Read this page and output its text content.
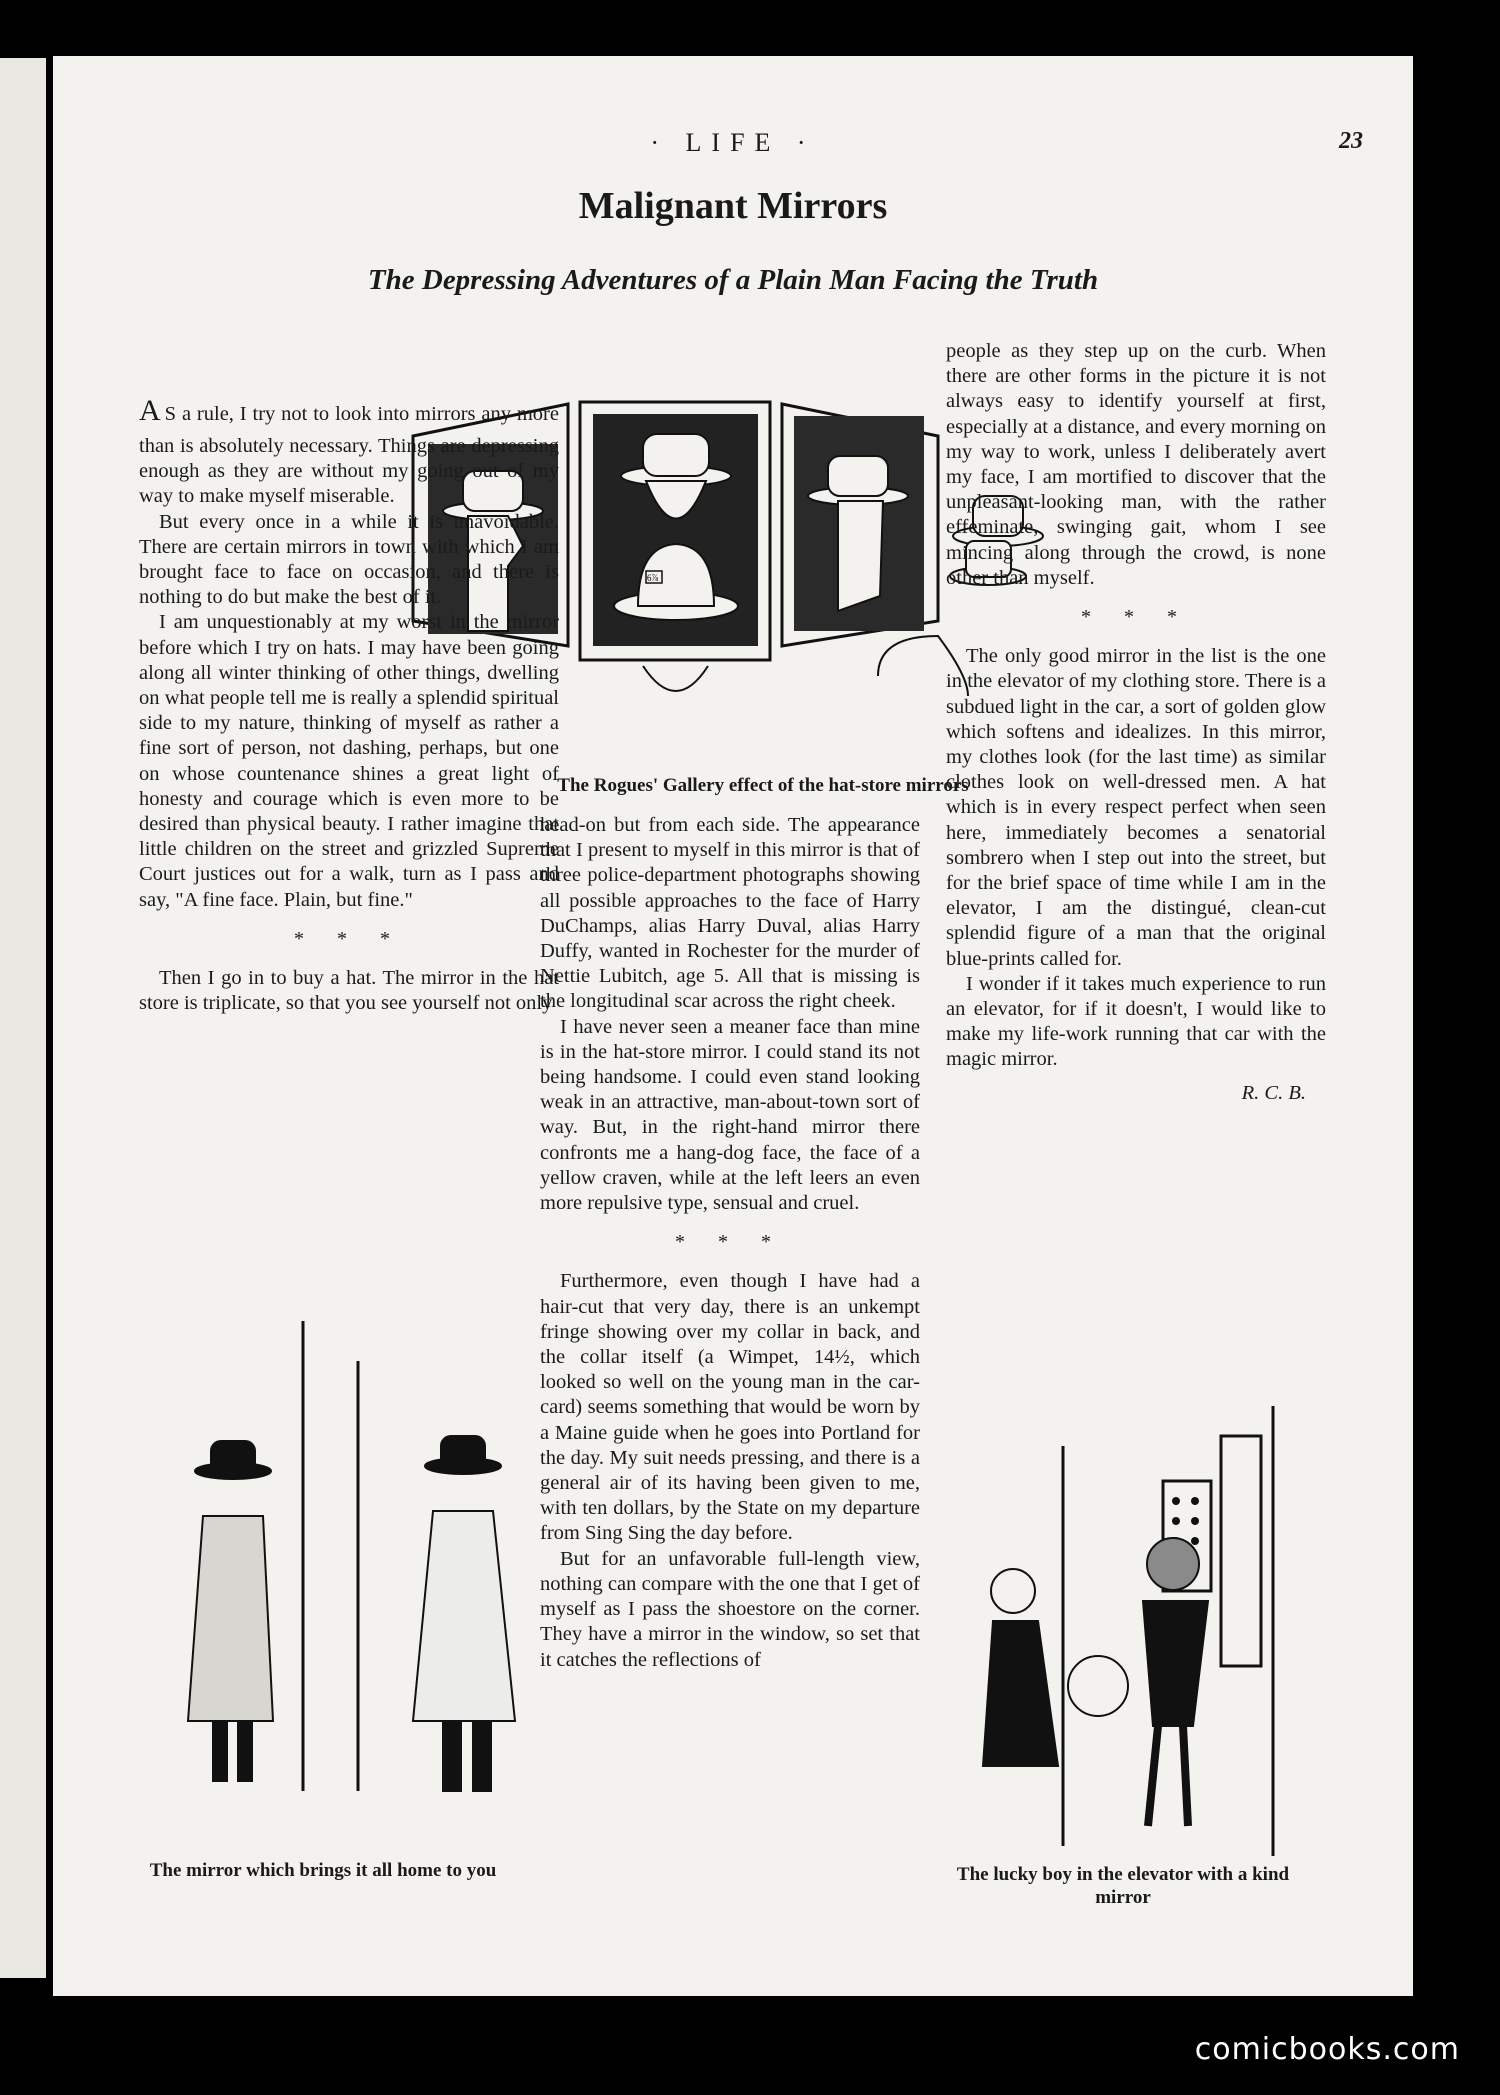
· LIFE ·	23
Malignant Mirrors
The Depressing Adventures of a Plain Man Facing the Truth
6⅞
The Rogues' Gallery effect of the hat-store mirrors

A S a rule, I try not to look into mirrors any more than is absolutely necessary. Things are depressing enough as they are without my going out of my way to make myself miserable.

But every once in a while it is unavoidable. There are certain mirrors in town with which I am brought face to face on occasion, and there is nothing to do but make the best of it.

I am unquestionably at my worst in the mirror before which I try on hats. I may have been going along all winter thinking of other things, dwelling on what people tell me is really a splendid spiritual side to my nature, thinking of myself as rather a fine sort of person, not dashing, perhaps, but one on whose countenance shines a great light of honesty and courage which is even more to be desired than physical beauty. I rather imagine that little children on the street and grizzled Supreme Court justices out for a walk, turn as I pass and say, "A fine face. Plain, but fine."

* * *

Then I go in to buy a hat. The mirror in the hat store is triplicate, so that you see yourself not only

head-on but from each side. The appearance that I present to myself in this mirror is that of three police-department photographs showing all possible approaches to the face of Harry DuChamps, alias Harry Duval, alias Harry Duffy, wanted in Rochester for the murder of Nettie Lubitch, age 5. All that is missing is the longitudinal scar across the right cheek.

I have never seen a meaner face than mine is in the hat-store mirror. I could stand its not being handsome. I could even stand looking weak in an attractive, man-about-town sort of way. But, in the right-hand mirror there confronts me a hang-dog face, the face of a yellow craven, while at the left leers an even more repulsive type, sensual and cruel.

* * *

Furthermore, even though I have had a hair-cut that very day, there is an unkempt fringe showing over my collar in back, and the collar itself (a Wimpet, 14½, which looked so well on the young man in the car-card) seems something that would be worn by a Maine guide when he goes into Portland for the day. My suit needs pressing, and there is a general air of its having been given to me, with ten dollars, by the State on my departure from Sing Sing the day before.

But for an unfavorable full-length view, nothing can compare with the one that I get of myself as I pass the shoestore on the corner. They have a mirror in the window, so set that it catches the reflections of

people as they step up on the curb. When there are other forms in the picture it is not always easy to identify yourself at first, especially at a distance, and every morning on my way to work, unless I deliberately avert my face, I am mortified to discover that the unpleasant-looking man, with the rather effeminate, swinging gait, whom I see mincing along through the crowd, is none other than myself.

* * *

The only good mirror in the list is the one in the elevator of my clothing store. There is a subdued light in the car, a sort of golden glow which softens and idealizes. In this mirror, my clothes look (for the last time) as similar clothes look on well-dressed men. A hat which is in every respect perfect when seen here, immediately becomes a senatorial sombrero when I step out into the street, but for the brief space of time while I am in the elevator, I am the distingué, clean-cut splendid figure of a man that the original blue-prints called for.

I wonder if it takes much experience to run an elevator, for if it doesn't, I would like to make my life-work running that car with the magic mirror.

R. C. B.
The mirror which brings it all home to you	The lucky boy in the elevator with a kind mirror
comicbooks.com
